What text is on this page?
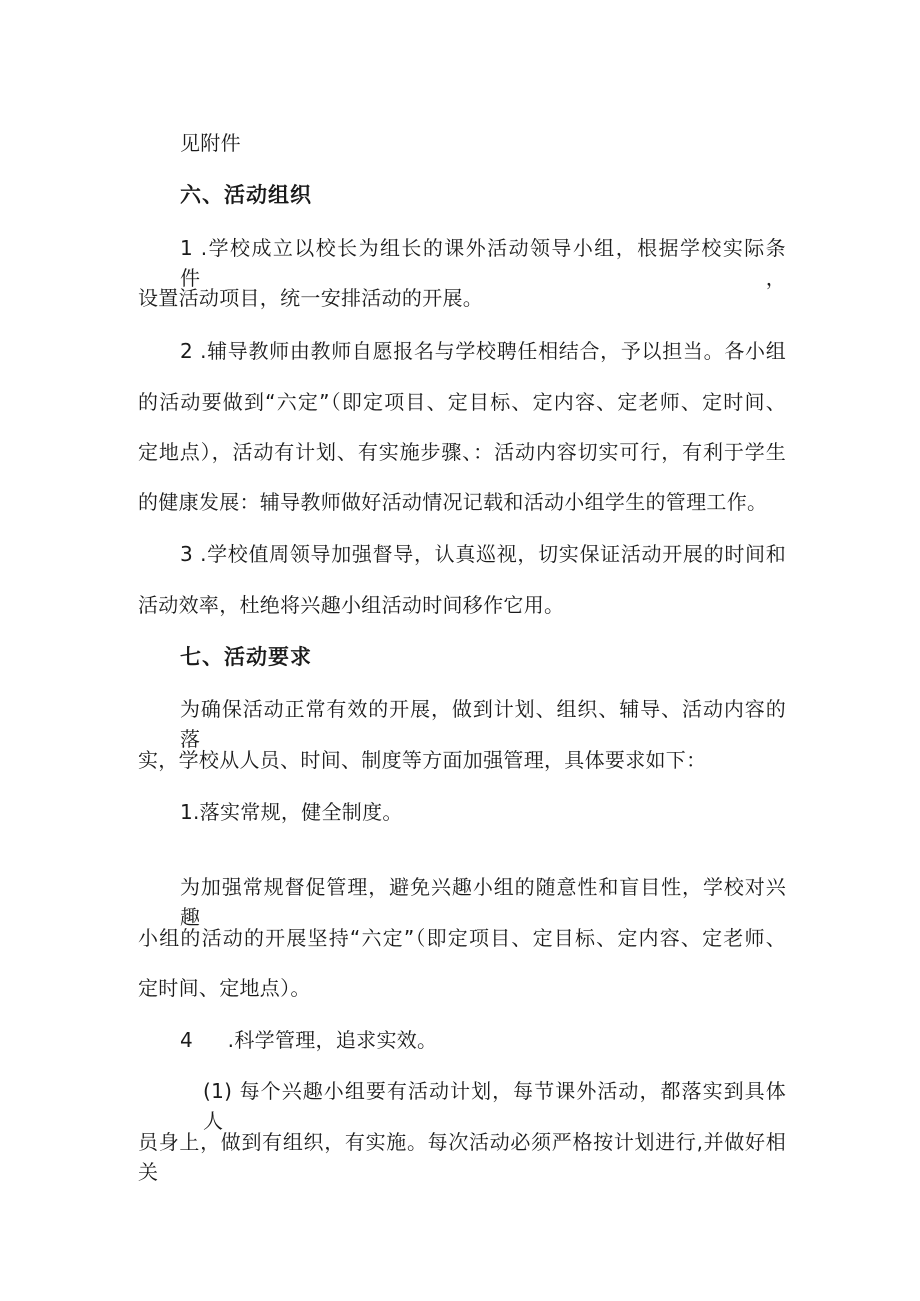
见附件
六、活动组织
1 .学校成立以校长为组长的课外活动领导小组，根据学校实际条件，
设置活动项目，统一安排活动的开展。
2 .辅导教师由教师自愿报名与学校聘任相结合，予以担当。各小组
的活动要做到“六定”（即定项目、定目标、定内容、定老师、定时间、
定地点），活动有计划、有实施步骤、：活动内容切实可行，有利于学生
的健康发展：辅导教师做好活动情况记载和活动小组学生的管理工作。
3 .学校值周领导加强督导，认真巡视，切实保证活动开展的时间和
活动效率，杜绝将兴趣小组活动时间移作它用。
七、活动要求
为确保活动正常有效的开展，做到计划、组织、辅导、活动内容的落
实，学校从人员、时间、制度等方面加强管理，具体要求如下：
1.落实常规，健全制度。
为加强常规督促管理，避免兴趣小组的随意性和盲目性，学校对兴趣
小组的活动的开展坚持“六定”（即定项目、定目标、定内容、定老师、
定时间、定地点）。
4 .科学管理，追求实效。
(1) 每个兴趣小组要有活动计划，每节课外活动，都落实到具体人
员身上，做到有组织，有实施。每次活动必须严格按计划进行,并做好相关
